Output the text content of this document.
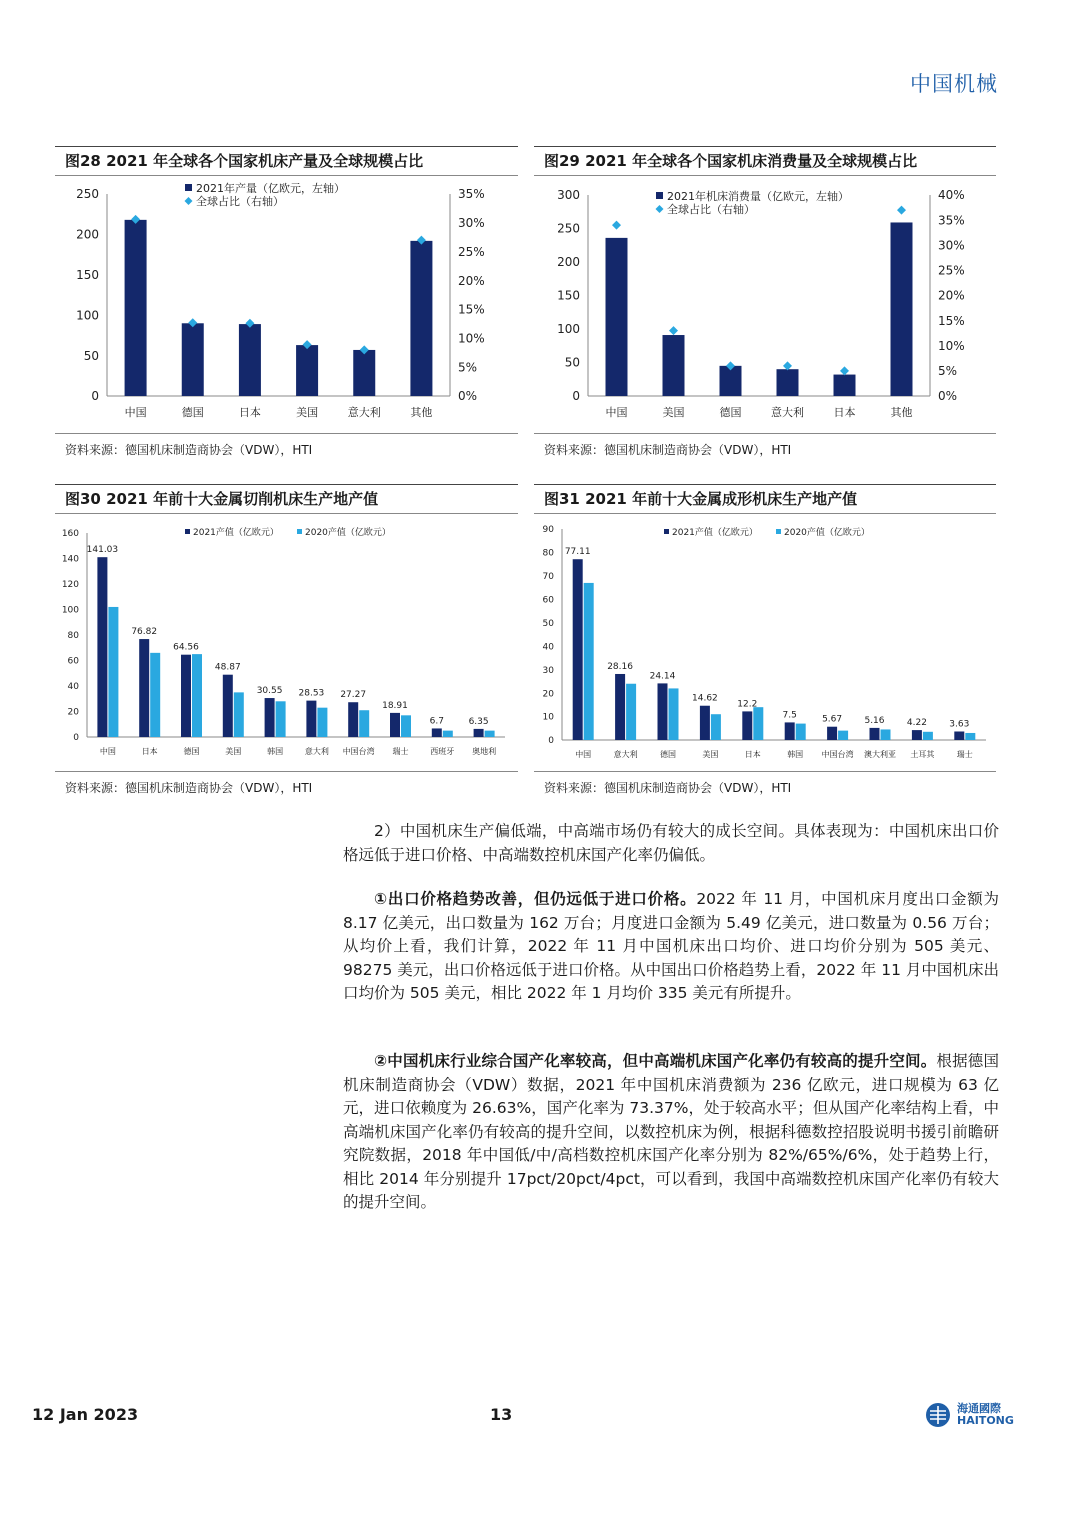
中国机械
图28 2021 年全球各个国家机床产量及全球规模占比
0
50
100
150
200
250
0%
5%
10%
15%
20%
25%
30%
35%
2021年产量（亿欧元，左轴）
全球占比（右轴）
中国	德国	日本	美国	意大利	其他
资料来源：德国机床制造商协会（VDW），HTI
图29 2021 年全球各个国家机床消费量及全球规模占比
0
50
100
150
200
250
300
0%
5%
10%
15%
20%
25%
30%
35%
40%
2021年机床消费量（亿欧元，左轴）
全球占比（右轴）
中国	美国	德国	意大利	日本	其他
资料来源：德国机床制造商协会（VDW），HTI
图30 2021 年前十大金属切削机床生产地产值
0
20
40
60
80
100
120
140
160
141.03
76.82
64.56
48.87
30.55 28.53 27.27
18.91
6.7	6.35
2021产值（亿欧元）	2020产值（亿欧元）
中国	日本	德国	美国	韩国	意大利 中国台湾 瑞士	西班牙 奥地利
资料来源：德国机床制造商协会（VDW），HTI
图31 2021 年前十大金属成形机床生产地产值
0
10
20
30
40
50
60
70
80
90
77.11
28.16
24.14
14.62
12.2
7.5	5.67 5.16 4.22 3.63
2021产值（亿欧元）	2020产值（亿欧元）
中国	意大利	德国	美国	日本	韩国 中国台湾 澳大利亚 土耳其	瑞士
资料来源：德国机床制造商协会（VDW），HTI

2）中国机床生产偏低端，中高端市场仍有较大的成长空间。具体表现为：中国机床出口价格远低于进口价格、中高端数控机床国产化率仍偏低。

①出口价格趋势改善，但仍远低于进口价格。2022 年 11 月，中国机床月度出口金额为 8.17 亿美元，出口数量为 162 万台；月度进口金额为 5.49 亿美元，进口数量为 0.56 万台；从均价上看，我们计算，2022 年 11 月中国机床出口均价、进口均价分别为 505 美元、98275 美元，出口价格远低于进口价格。从中国出口价格趋势上看，2022 年 11 月中国机床出口均价为 505 美元，相比 2022 年 1 月均价 335 美元有所提升。

②中国机床行业综合国产化率较高，但中高端机床国产化率仍有较高的提升空间。根据德国机床制造商协会（VDW）数据，2021 年中国机床消费额为 236 亿欧元，进口规模为 63 亿元，进口依赖度为 26.63%，国产化率为 73.37%，处于较高水平；但从国产化率结构上看，中高端机床国产化率仍有较高的提升空间，以数控机床为例，根据科德数控招股说明书援引前瞻研究院数据，2018 年中国低/中/高档数控机床国产化率分别为 82%/65%/6%，处于趋势上行，相比 2014 年分别提升 17pct/20pct/4pct，可以看到，我国中高端数控机床国产化率仍有较大的提升空间。

12 Jan 2023	13	海通國際
HAITONG
